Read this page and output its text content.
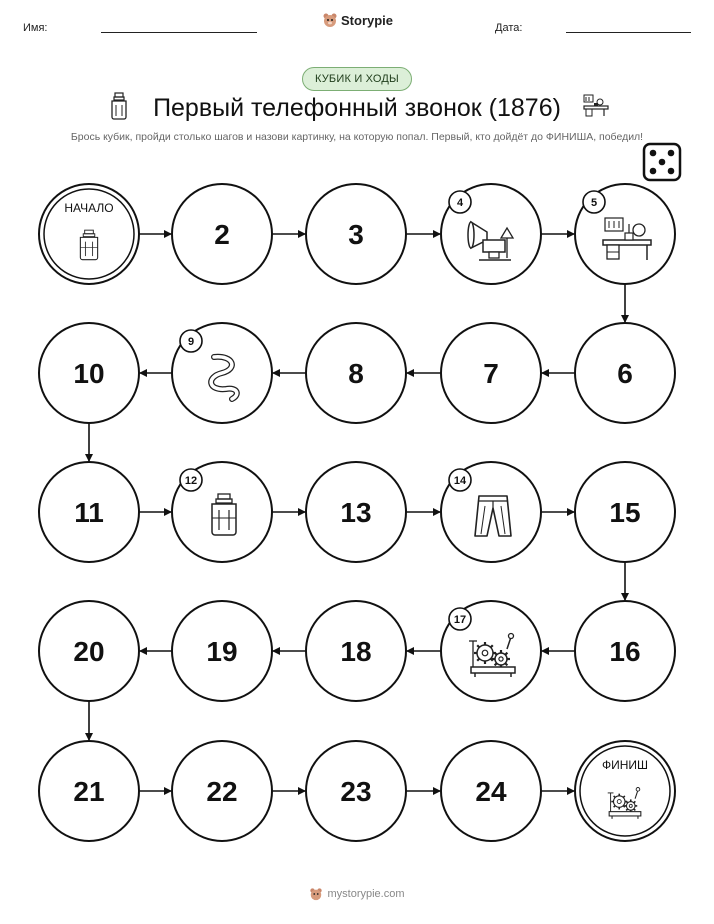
Имя:
Storypie
Дата:
КУБИК И ХОДЫ
Первый телефонный звонок (1876)
Брось кубик, пройди столько шагов и назови картинку, на которую попал. Первый, кто дойдёт до ФИНИША, победил!
НАЧАЛО
2	3
4	5
6
7
8
9
10
11
12
13
14
15
16
17
18
19
20
21	22	23	24
ФИНИШ
mystorypie.com
